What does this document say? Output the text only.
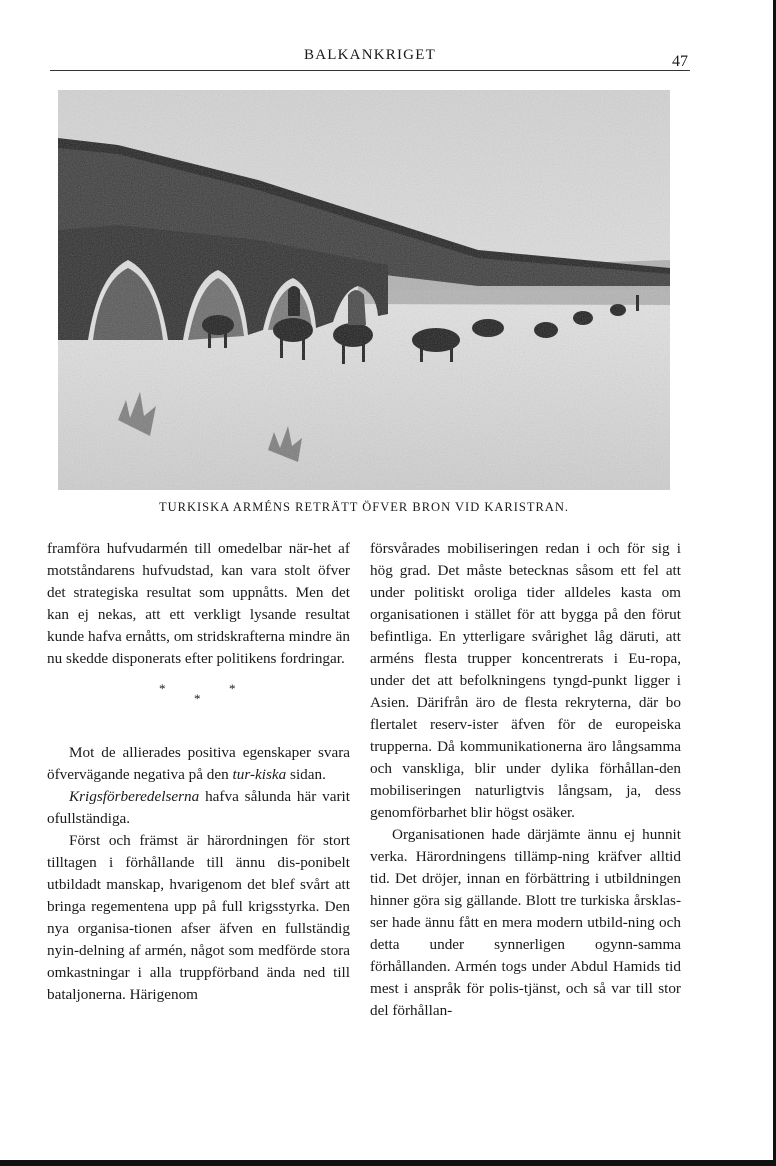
BALKANKRIGET	47
TURKISKA ARMÉNS RETRÄTT ÖFVER BRON VID KARISTRAN.

framföra hufvudarmén till omedelbar när-het af motståndarens hufvudstad, kan vara stolt öfver det strategiska resultat som uppnåtts. Men det kan ej nekas, att ett verkligt lysande resultat kunde hafva ernåtts, om stridskrafterna mindre än nu skedde disponerats efter politikens fordringar.

*
*
*

Mot de allierades positiva egenskaper svara öfvervägande negativa på den tur-kiska sidan.

Krigsförberedelserna hafva sålunda här varit ofullständiga.

Först och främst är härordningen för stort tilltagen i förhållande till ännu dis-ponibelt utbildadt manskap, hvarigenom det blef svårt att bringa regementena upp på full krigsstyrka. Den nya organisa-tionen afser äfven en fullständig nyin-delning af armén, något som medförde stora omkastningar i alla truppförband ända ned till bataljonerna. Härigenom

försvårades mobiliseringen redan i och för sig i hög grad. Det måste betecknas såsom ett fel att under politiskt oroliga tider alldeles kasta om organisationen i stället för att bygga på den förut befintliga. En ytterligare svårighet låg däruti, att arméns flesta trupper koncentrerats i Eu-ropa, under det att befolkningens tyngd-punkt ligger i Asien. Därifrån äro de flesta rekryterna, där bo flertalet reserv-ister äfven för de europeiska trupperna. Då kommunikationerna äro långsamma och vanskliga, blir under dylika förhållan-den mobiliseringen naturligtvis långsam, ja, dess genomförbarhet blir högst osäker.

Organisationen hade därjämte ännu ej hunnit verka. Härordningens tillämp-ning kräfver alltid tid. Det dröjer, innan en förbättring i utbildningen hinner göra sig gällande. Blott tre turkiska årsklas-ser hade ännu fått en mera modern utbild-ning och detta under synnerligen ogynn-samma förhållanden. Armén togs under Abdul Hamids tid mest i anspråk för polis-tjänst, och så var till stor del förhållan-
